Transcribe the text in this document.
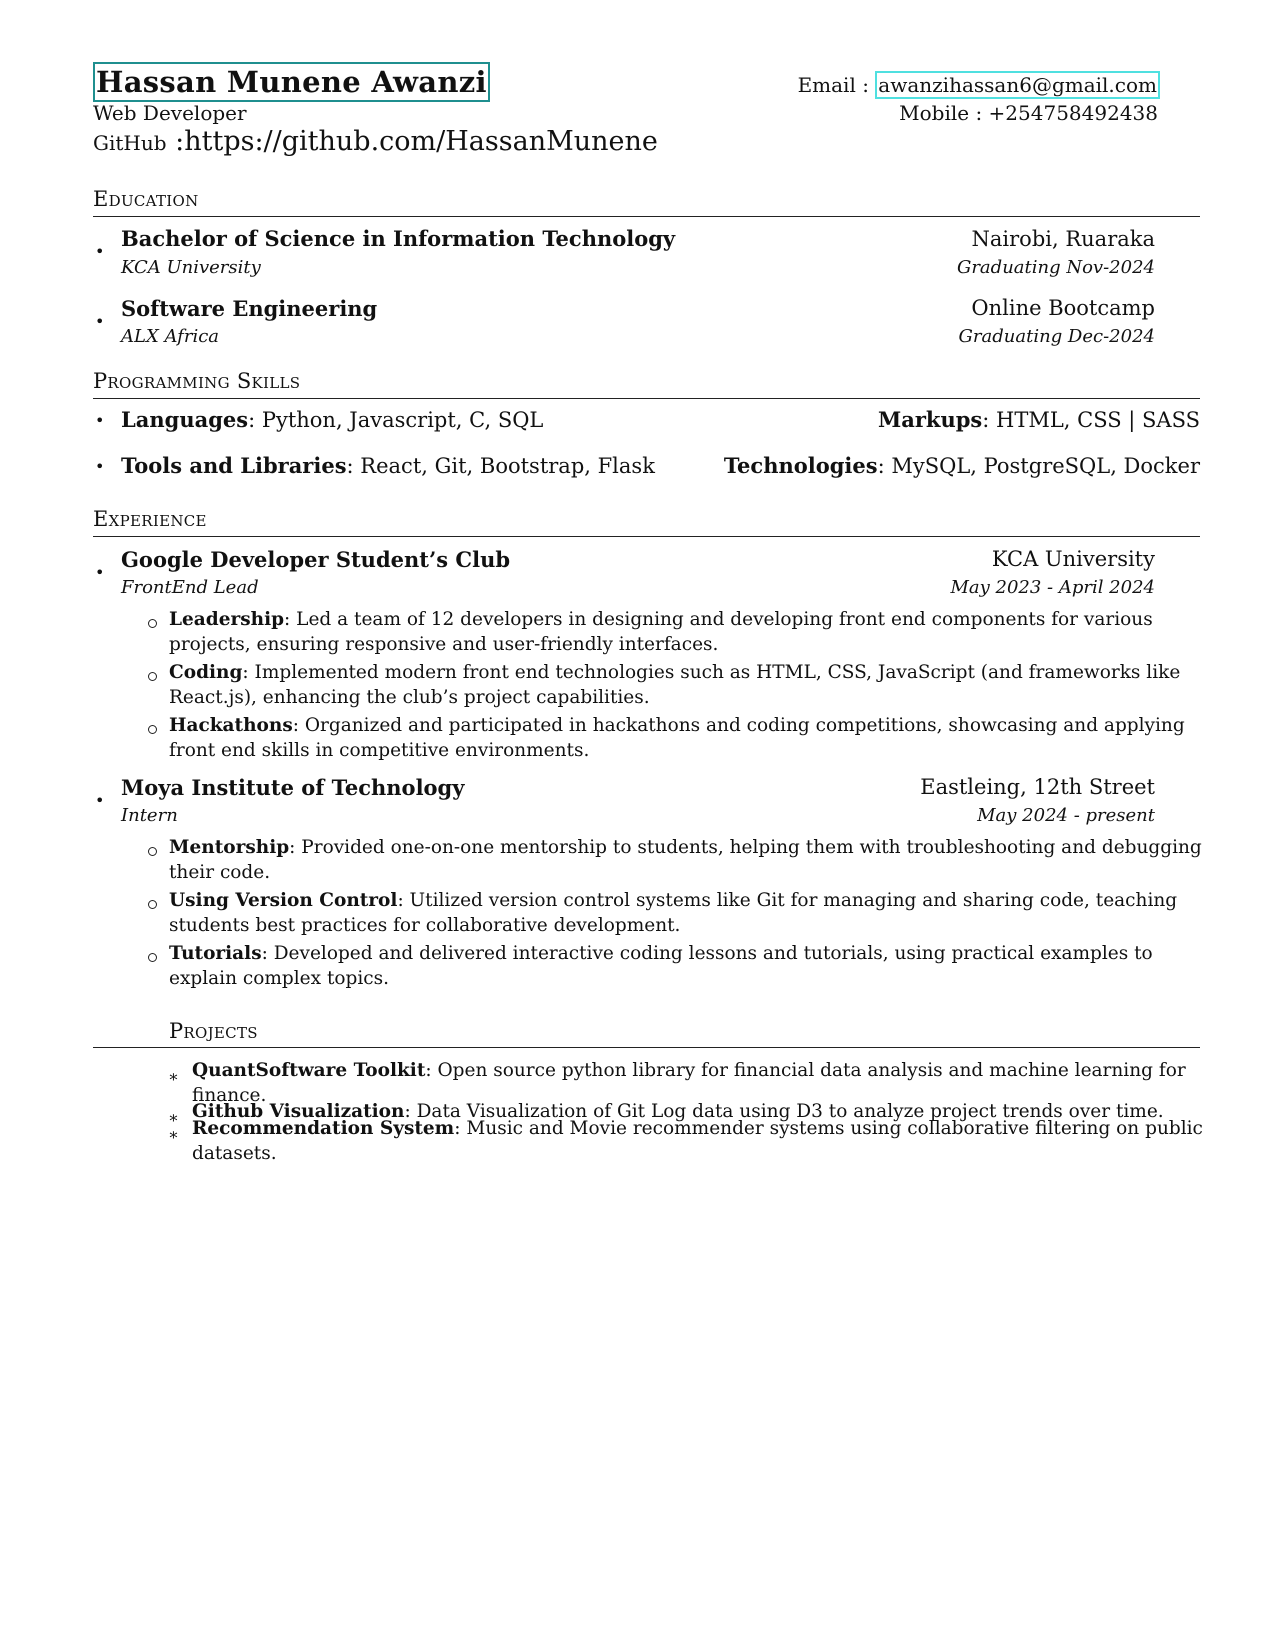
Hassan Munene Awanzi
Web Developer
GitHub :https://github.com/HassanMunene
Email : awanzihassan6@gmail.com
Mobile : +254758492438
Education
•
Bachelor of Science in Information Technology
KCA University
Nairobi, Ruaraka
Graduating Nov-2024
•
Software Engineering
ALX Africa
Online Bootcamp
Graduating Dec-2024
Programming Skills
• Languages: Python, Javascript, C, SQL	Markups: HTML, CSS | SASS
• Tools and Libraries: React, Git, Bootstrap, Flask	Technologies: MySQL, PostgreSQL, Docker
Experience
•
Google Developer Student’s Club
FrontEnd Lead
KCA University
May 2023 - April 2024
Leadership: Led a team of 12 developers in designing and developing front end components for various projects, ensuring responsive and user-friendly interfaces.
Coding: Implemented modern front end technologies such as HTML, CSS, JavaScript (and frameworks like React.js), enhancing the club’s project capabilities.
Hackathons: Organized and participated in hackathons and coding competitions, showcasing and applying front end skills in competitive environments.
•
Moya Institute of Technology
Intern
Eastleing, 12th Street
May 2024 - present
Mentorship: Provided one-on-one mentorship to students, helping them with troubleshooting and debugging their code.
Using Version Control: Utilized version control systems like Git for managing and sharing code, teaching students best practices for collaborative development.
Tutorials: Developed and delivered interactive coding lessons and tutorials, using practical examples to explain complex topics.
Projects
∗ QuantSoftware Toolkit: Open source python library for financial data analysis and machine learning for finance.
∗ Github Visualization: Data Visualization of Git Log data using D3 to analyze project trends over time.
∗ Recommendation System: Music and Movie recommender systems using collaborative filtering on public datasets.
